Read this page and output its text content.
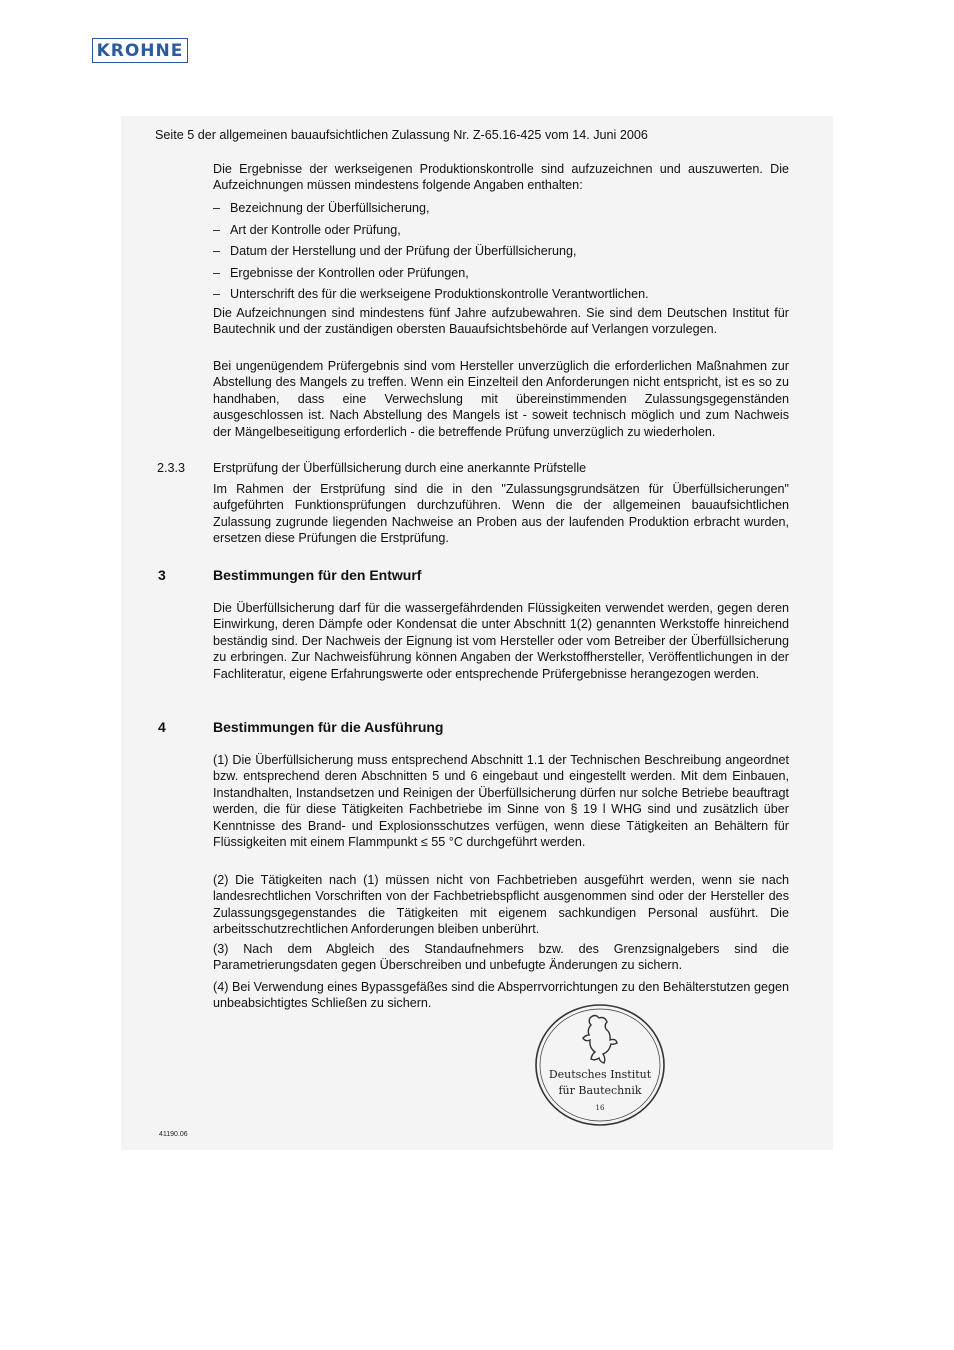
KROHNE
Seite 5 der allgemeinen bauaufsichtlichen Zulassung Nr. Z-65.16-425 vom 14. Juni 2006

Die Ergebnisse der werkseigenen Produktionskontrolle sind aufzuzeichnen und auszuwerten. Die Aufzeichnungen müssen mindestens folgende Angaben enthalten:

– Bezeichnung der Überfüllsicherung,
– Art der Kontrolle oder Prüfung,
– Datum der Herstellung und der Prüfung der Überfüllsicherung,
– Ergebnisse der Kontrollen oder Prüfungen,
– Unterschrift des für die werkseigene Produktionskontrolle Verantwortlichen.

Die Aufzeichnungen sind mindestens fünf Jahre aufzubewahren. Sie sind dem Deutschen Institut für Bautechnik und der zuständigen obersten Bauaufsichtsbehörde auf Verlangen vorzulegen.

Bei ungenügendem Prüfergebnis sind vom Hersteller unverzüglich die erforderlichen Maßnahmen zur Abstellung des Mangels zu treffen. Wenn ein Einzelteil den Anforderungen nicht entspricht, ist es so zu handhaben, dass eine Verwechslung mit übereinstimmenden Zulassungsgegenständen ausgeschlossen ist. Nach Abstellung des Mangels ist - soweit technisch möglich und zum Nachweis der Mängelbeseitigung erforderlich - die betreffende Prüfung unverzüglich zu wiederholen.

2.3.3 Erstprüfung der Überfüllsicherung durch eine anerkannte Prüfstelle

Im Rahmen der Erstprüfung sind die in den "Zulassungsgrundsätzen für Überfüllsicherungen" aufgeführten Funktionsprüfungen durchzuführen. Wenn die der allgemeinen bauaufsichtlichen Zulassung zugrunde liegenden Nachweise an Proben aus der laufenden Produktion erbracht wurden, ersetzen diese Prüfungen die Erstprüfung.

3	Bestimmungen für den Entwurf

Die Überfüllsicherung darf für die wassergefährdenden Flüssigkeiten verwendet werden, gegen deren Einwirkung, deren Dämpfe oder Kondensat die unter Abschnitt 1(2) genannten Werkstoffe hinreichend beständig sind. Der Nachweis der Eignung ist vom Hersteller oder vom Betreiber der Überfüllsicherung zu erbringen. Zur Nachweisführung können Angaben der Werkstoffhersteller, Veröffentlichungen in der Fachliteratur, eigene Erfahrungswerte oder entsprechende Prüfergebnisse herangezogen werden.

4	Bestimmungen für die Ausführung

(1) Die Überfüllsicherung muss entsprechend Abschnitt 1.1 der Technischen Beschreibung angeordnet bzw. entsprechend deren Abschnitten 5 und 6 eingebaut und eingestellt werden. Mit dem Einbauen, Instandhalten, Instandsetzen und Reinigen der Überfüllsicherung dürfen nur solche Betriebe beauftragt werden, die für diese Tätigkeiten Fachbetriebe im Sinne von § 19 l WHG sind und zusätzlich über Kenntnisse des Brand- und Explosionsschutzes verfügen, wenn diese Tätigkeiten an Behältern für Flüssigkeiten mit einem Flammpunkt ≤ 55 °C durchgeführt werden.

(2) Die Tätigkeiten nach (1) müssen nicht von Fachbetrieben ausgeführt werden, wenn sie nach landesrechtlichen Vorschriften von der Fachbetriebspflicht ausgenommen sind oder der Hersteller des Zulassungsgegenstandes die Tätigkeiten mit eigenem sachkundigen Personal ausführt. Die arbeitsschutzrechtlichen Anforderungen bleiben unberührt.

(3) Nach dem Abgleich des Standaufnehmers bzw. des Grenzsignalgebers sind die Parametrierungsdaten gegen Überschreiben und unbefugte Änderungen zu sichern.

(4) Bei Verwendung eines Bypassgefäßes sind die Absperrvorrichtungen zu den Behälterstutzen gegen unbeabsichtigtes Schließen zu sichern.

Deutsches Institut
für Bautechnik
16
41190.06
